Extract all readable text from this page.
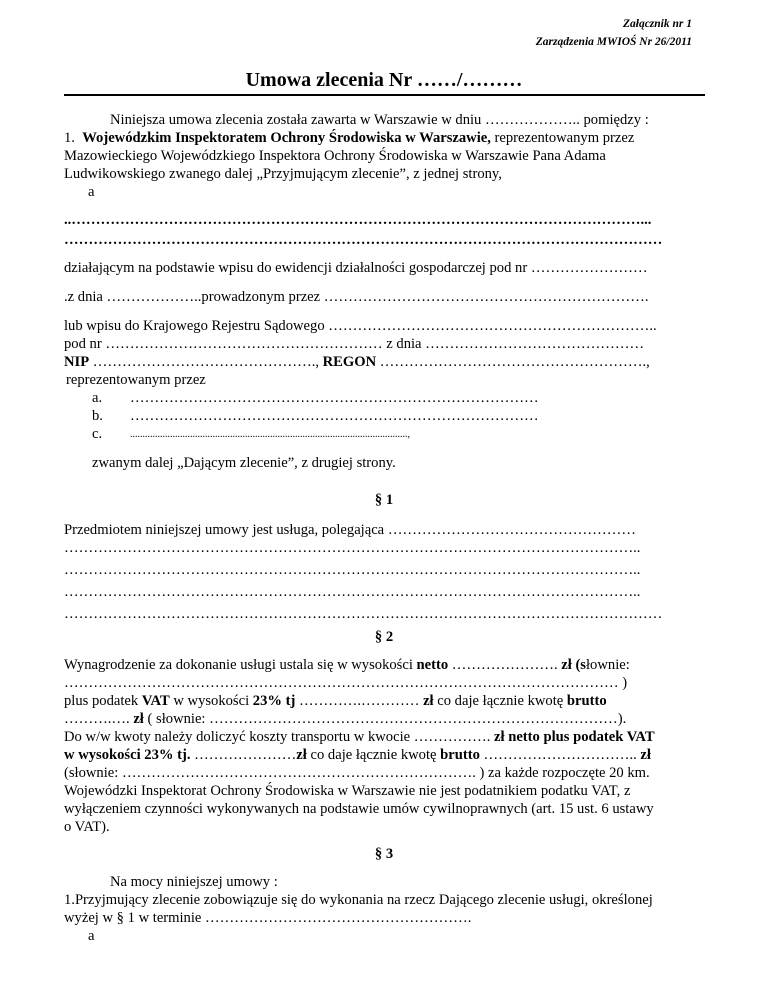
Załącznik nr 1
Zarządzenia MWIOŚ Nr 26/2011
Umowa zlecenia Nr ……/………
Niniejsza umowa zlecenia została zawarta w Warszawie w dniu ……………….. pomiędzy :
1. Wojewódzkim Inspektoratem Ochrony Środowiska w Warszawie, reprezentowanym przez
Mazowieckiego Wojewódzkiego Inspektora Ochrony Środowiska w Warszawie Pana Adama
Ludwikowskiego zwanego dalej „Przyjmującym zlecenie”, z jednej strony,
a
..………………………………………………………………………………………………………...
……………………………………………………………………………………………………………
działającym na podstawie wpisu do ewidencji działalności gospodarczej pod nr ……………………
.z dnia ………………..prowadzonym przez ………………………………………………………….
lub wpisu do Krajowego Rejestru Sądowego …………………………………………………………..
pod nr ………………………………………………… z dnia ………………………………………
NIP ………………………………………., REGON ……………………………………………….,
reprezentowanym przez
a. …………………………………………………………………………
b. …………………………………………………………………………
c.	...............................................................................................................,
zwanym dalej „Dającym zlecenie”, z drugiej strony.
§ 1
Przedmiotem niniejszej umowy jest usługa, polegająca ……………………………………………
………………………………………………………………………………………………………..
………………………………………………………………………………………………………..
………………………………………………………………………………………………………..
……………………………………………………………………………………………………………
§ 2
Wynagrodzenie za dokonanie usługi ustala się w wysokości netto …………………. zł (słownie:
…………………………………………………………………………………………………… )
plus podatek VAT w wysokości 23% tj ………….………… zł co daje łącznie kwotę brutto
……….…. zł ( słownie: …………………………………………………………………………).
Do w/w kwoty należy doliczyć koszty transportu w kwocie ……………. zł netto plus podatek VAT
w wysokości 23% tj. …………………zł co daje łącznie kwotę brutto ………………………….. zł
(słownie: ………………………………………………………………. ) za każde rozpoczęte 20 km.
Wojewódzki Inspektorat Ochrony Środowiska w Warszawie nie jest podatnikiem podatku VAT, z
wyłączeniem czynności wykonywanych na podstawie umów cywilnoprawnych (art. 15 ust. 6 ustawy
o VAT).
§ 3
Na mocy niniejszej umowy :
1.Przyjmujący zlecenie zobowiązuje się do wykonania na rzecz Dającego zlecenie usługi, określonej
wyżej w § 1 w terminie ……………………………………………….
a
